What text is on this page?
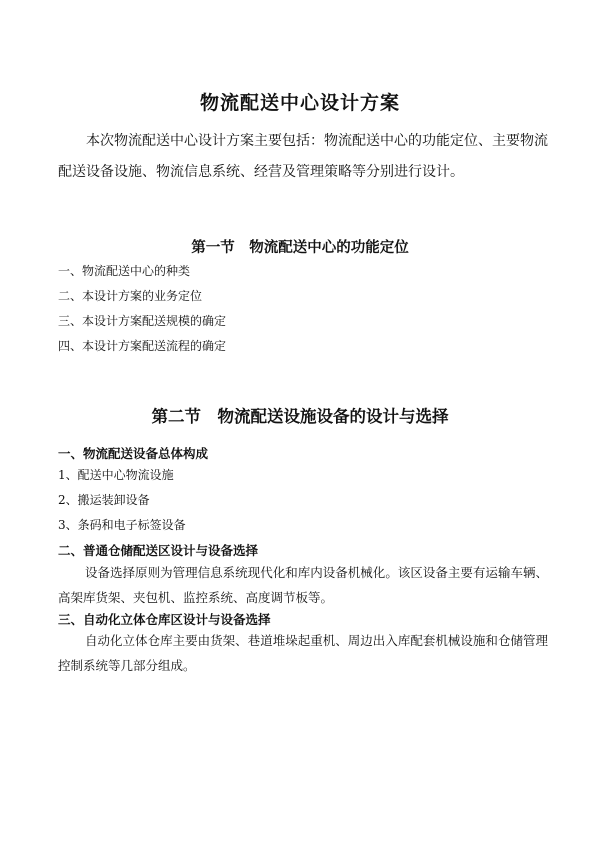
物流配送中心设计方案

本次物流配送中心设计方案主要包括：物流配送中心的功能定位、主要物流配送设备设施、物流信息系统、经营及管理策略等分别进行设计。

第一节　物流配送中心的功能定位
一、物流配送中心的种类
二、本设计方案的业务定位
三、本设计方案配送规模的确定
四、本设计方案配送流程的确定
第二节　物流配送设施设备的设计与选择
一、物流配送设备总体构成
1、配送中心物流设施
2、搬运装卸设备
3、条码和电子标签设备
二、普通仓储配送区设计与设备选择

设备选择原则为管理信息系统现代化和库内设备机械化。该区设备主要有运输车辆、高架库货架、夹包机、监控系统、高度调节板等。

三、自动化立体仓库区设计与设备选择

自动化立体仓库主要由货架、巷道堆垛起重机、周边出入库配套机械设施和仓储管理控制系统等几部分组成。
